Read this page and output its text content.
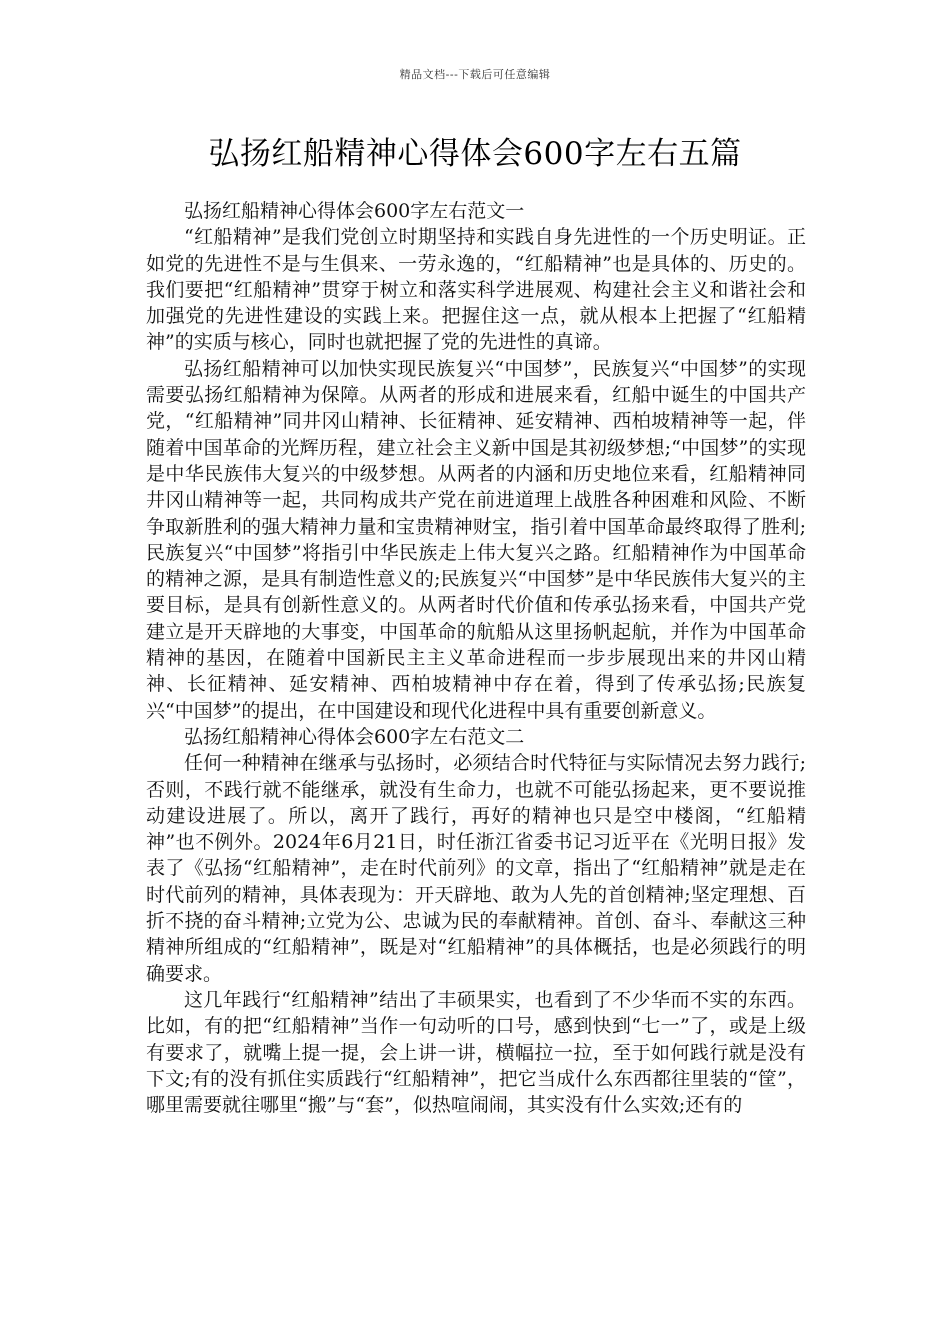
精品文档---下载后可任意编辑
弘扬红船精神心得体会600字左右五篇

弘扬红船精神心得体会600字左右范文一

“红船精神”是我们党创立时期坚持和实践自身先进性的一个历史明证。正如党的先进性不是与生俱来、一劳永逸的，“红船精神”也是具体的、历史的。我们要把“红船精神”贯穿于树立和落实科学进展观、构建社会主义和谐社会和加强党的先进性建设的实践上来。把握住这一点，就从根本上把握了“红船精神”的实质与核心，同时也就把握了党的先进性的真谛。

弘扬红船精神可以加快实现民族复兴“中国梦”，民族复兴“中国梦”的实现需要弘扬红船精神为保障。从两者的形成和进展来看，红船中诞生的中国共产党，“红船精神”同井冈山精神、长征精神、延安精神、西柏坡精神等一起，伴随着中国革命的光辉历程，建立社会主义新中国是其初级梦想;“中国梦”的实现是中华民族伟大复兴的中级梦想。从两者的内涵和历史地位来看，红船精神同井冈山精神等一起，共同构成共产党在前进道理上战胜各种困难和风险、不断争取新胜利的强大精神力量和宝贵精神财宝，指引着中国革命最终取得了胜利;民族复兴“中国梦”将指引中华民族走上伟大复兴之路。红船精神作为中国革命的精神之源，是具有制造性意义的;民族复兴“中国梦”是中华民族伟大复兴的主要目标，是具有创新性意义的。从两者时代价值和传承弘扬来看，中国共产党建立是开天辟地的大事变，中国革命的航船从这里扬帆起航，并作为中国革命精神的基因，在随着中国新民主主义革命进程而一步步展现出来的井冈山精神、长征精神、延安精神、西柏坡精神中存在着，得到了传承弘扬;民族复兴“中国梦”的提出，在中国建设和现代化进程中具有重要创新意义。

弘扬红船精神心得体会600字左右范文二

任何一种精神在继承与弘扬时，必须结合时代特征与实际情况去努力践行;否则，不践行就不能继承，就没有生命力，也就不可能弘扬起来，更不要说推动建设进展了。所以，离开了践行，再好的精神也只是空中楼阁，“红船精神”也不例外。2024年6月21日，时任浙江省委书记习近平在《光明日报》发表了《弘扬“红船精神”，走在时代前列》的文章，指出了“红船精神”就是走在时代前列的精神，具体表现为：开天辟地、敢为人先的首创精神;坚定理想、百折不挠的奋斗精神;立党为公、忠诚为民的奉献精神。首创、奋斗、奉献这三种精神所组成的“红船精神”，既是对“红船精神”的具体概括，也是必须践行的明确要求。

这几年践行“红船精神”结出了丰硕果实，也看到了不少华而不实的东西。比如，有的把“红船精神”当作一句动听的口号，感到快到“七一”了，或是上级有要求了，就嘴上提一提，会上讲一讲，横幅拉一拉，至于如何践行就是没有下文;有的没有抓住实质践行“红船精神”，把它当成什么东西都往里装的“筐”，哪里需要就往哪里“搬”与“套”，似热喧闹闹，其实没有什么实效;还有的
